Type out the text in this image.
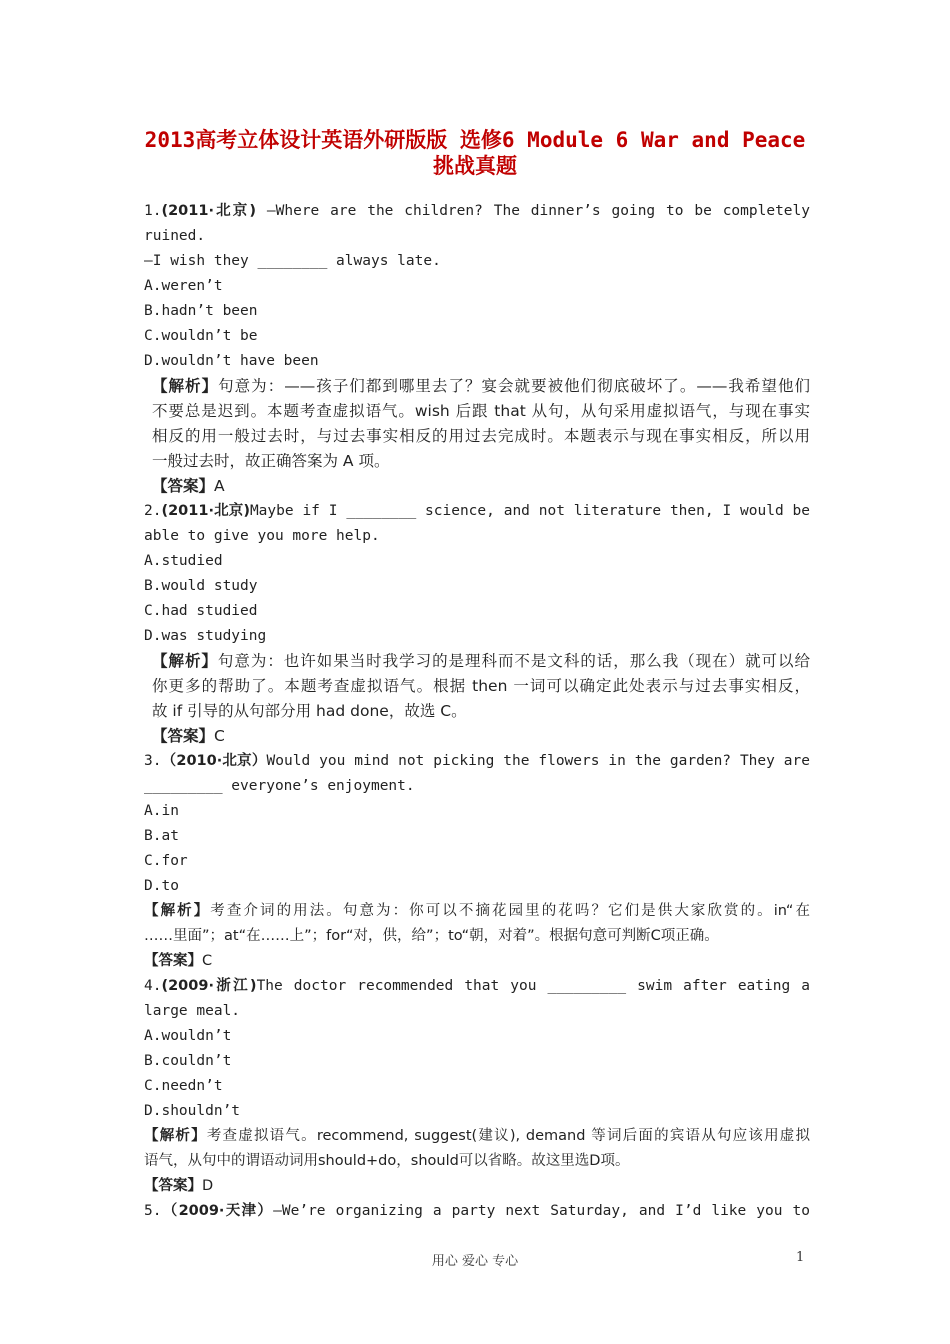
2013高考立体设计英语外研版版 选修6 Module 6 War and Peace
挑战真题
1.(2011·北京) —Where are the children? The dinner’s going to be completely
ruined.
—I wish they ________ always late.
A.weren’t
B.hadn’t been
C.wouldn’t be
D.wouldn’t have been
【解析】句意为：——孩子们都到哪里去了？宴会就要被他们彻底破坏了。——我希望他们
不要总是迟到。本题考查虚拟语气。wish 后跟 that 从句，从句采用虚拟语气，与现在事实
相反的用一般过去时，与过去事实相反的用过去完成时。本题表示与现在事实相反，所以用
一般过去时，故正确答案为 A 项。
【答案】A
2.(2011·北京)Maybe if I ________ science, and not literature then, I would be
able to give you more help.
A.studied
B.would study
C.had studied
D.was studying
【解析】句意为：也许如果当时我学习的是理科而不是文科的话，那么我（现在）就可以给
你更多的帮助了。本题考查虚拟语气。根据 then 一词可以确定此处表示与过去事实相反，
故 if 引导的从句部分用 had done，故选 C。
【答案】C
3.（2010·北京）Would you mind not picking the flowers in the garden? They are
_________ everyone’s enjoyment.
A.in
B.at
C.for
D.to
【解析】考查介词的用法。句意为：你可以不摘花园里的花吗？它们是供大家欣赏的。in“在
……里面”；at“在……上”；for“对，供，给”；to“朝，对着”。根据句意可判断C项正确。
【答案】C
4.(2009·浙江)The doctor recommended that you _________ swim after eating a
large meal.
A.wouldn’t
B.couldn’t
C.needn’t
D.shouldn’t
【解析】考查虚拟语气。recommend, suggest(建议), demand 等词后面的宾语从句应该用虚拟
语气，从句中的谓语动词用should+do，should可以省略。故这里选D项。
【答案】D
5.（2009·天津）—We’re organizing a party next Saturday, and I’d like you to
用心 爱心 专心	1
